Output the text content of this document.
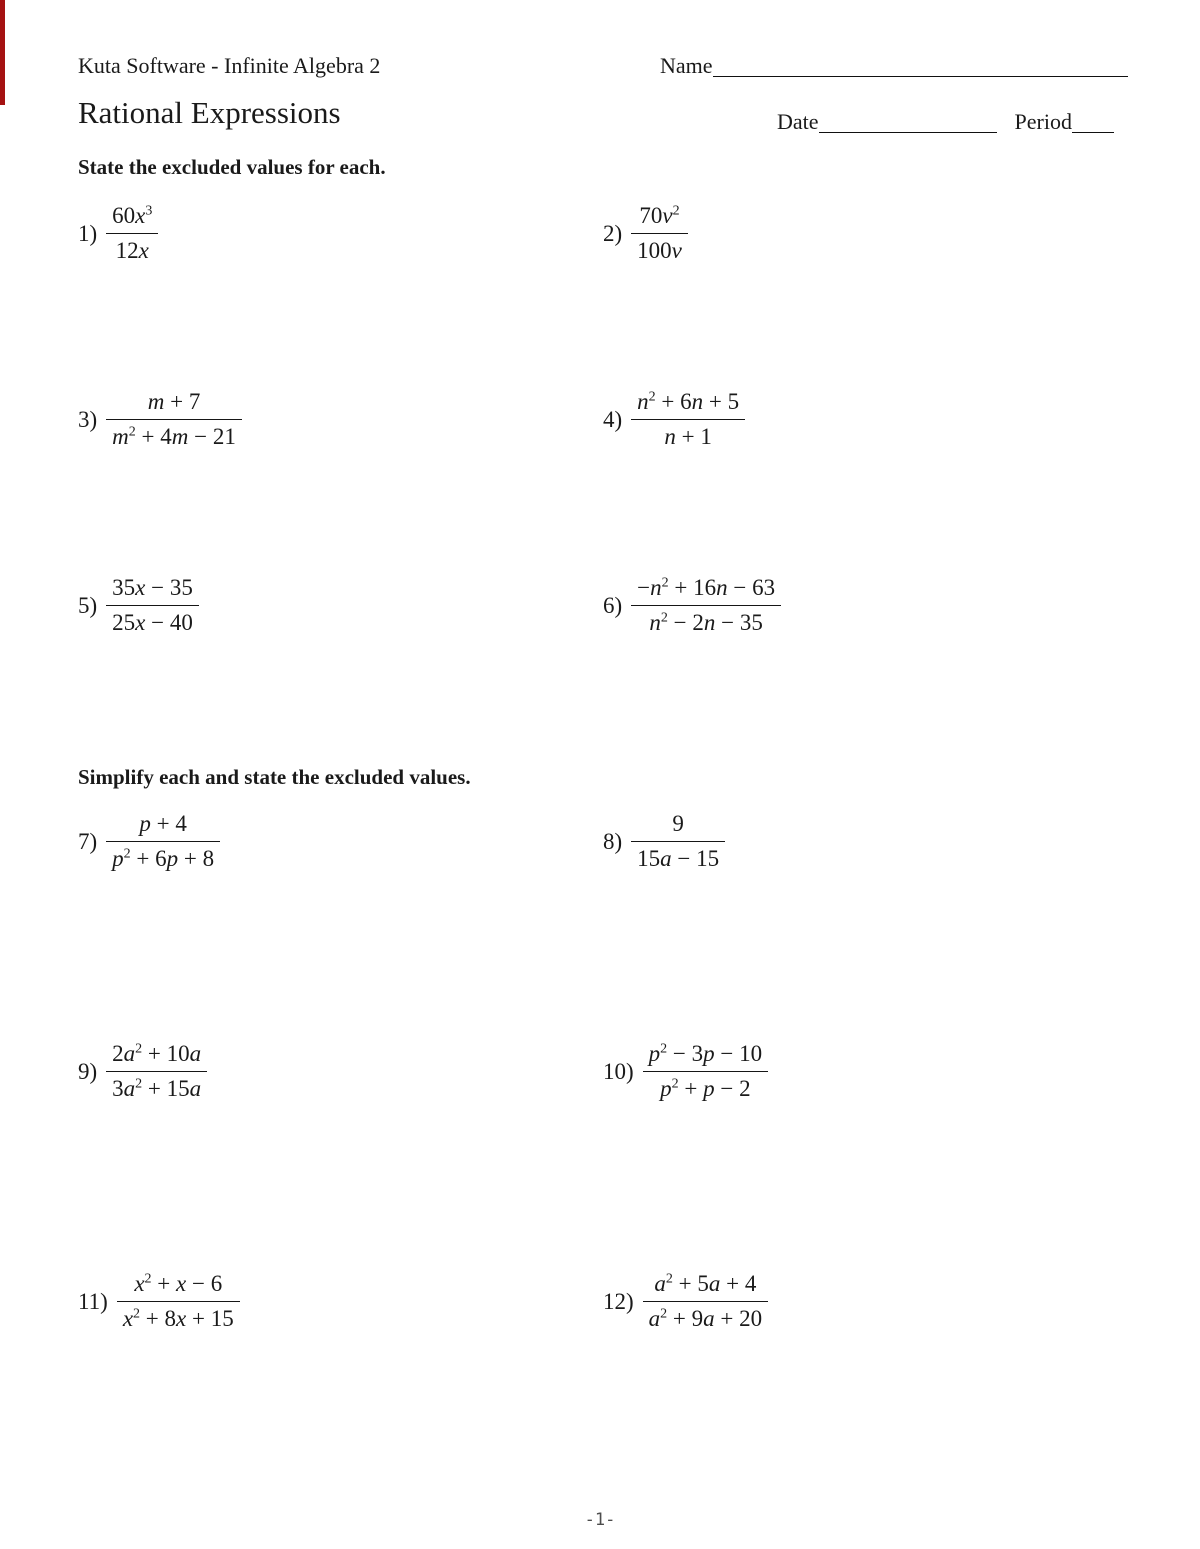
Kuta Software - Infinite Algebra 2	Name
Rational Expressions	Date	Period
State the excluded values for each.
$1) \frac{60x^3}{12x}$	$2) \frac{70v^2}{100v}$
$3) \frac{m + 7}{m^2 + 4m - 21}$	$4) \frac{n^2 + 6n + 5}{n + 1}$
$5) \frac{35x - 35}{25x - 40}$	$6) \frac{-n^2 + 16n - 63}{n^2 - 2n - 35}$
Simplify each and state the excluded values.
$7) \frac{p + 4}{p^2 + 6p + 8}$	$8) \frac{9}{15a - 15}$
$9) \frac{2a^2 + 10a}{3a^2 + 15a}$	$10) \frac{p^2 - 3p - 10}{p^2 + p - 2}$
$11) \frac{x^2 + x - 6}{x^2 + 8x + 15}$	$12) \frac{a^2 + 5a + 4}{a^2 + 9a + 20}$
-1-
